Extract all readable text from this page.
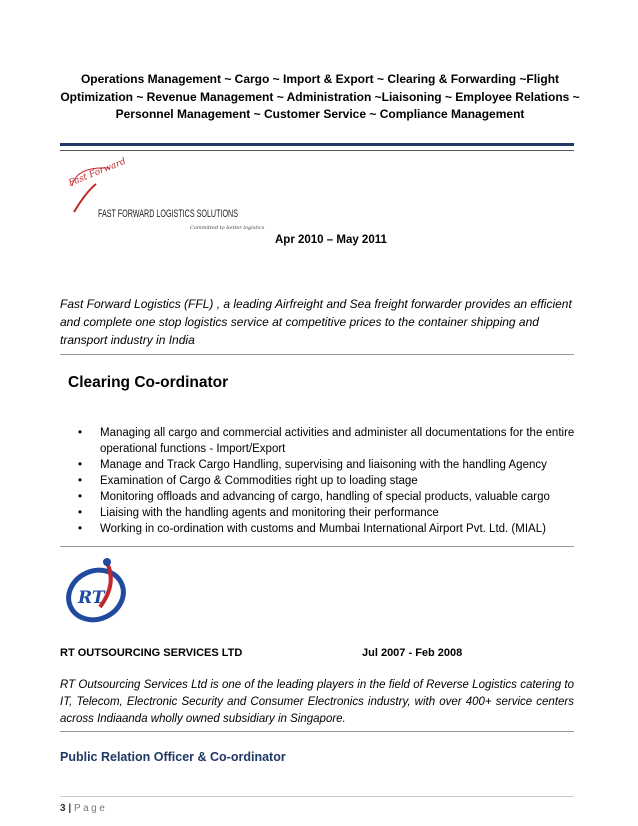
Operations Management ~ Cargo ~ Import & Export ~ Clearing & Forwarding ~Flight Optimization ~ Revenue Management ~ Administration ~Liaisoning ~ Employee Relations ~ Personnel Management ~ Customer Service ~ Compliance Management
Fast Forward
FAST FORWARD LOGISTICS SOLUTIONS
Committed to better logistics
Apr 2010 – May 2011
Fast Forward Logistics (FFL) , a leading Airfreight and Sea freight forwarder provides an efficient and complete one stop logistics service at competitive prices to the container shipping and transport industry in India
Clearing Co-ordinator
• Managing all cargo and commercial activities and administer all documentations for the entire operational functions - Import/Export
• Manage and Track Cargo Handling, supervising and liaisoning with the handling Agency
• Examination of Cargo & Commodities right up to loading stage
• Monitoring offloads and advancing of cargo, handling of special products, valuable cargo
• Liaising with the handling agents and monitoring their performance
• Working in co-ordination with customs and Mumbai International Airport Pvt. Ltd. (MIAL)
RT
RT OUTSOURCING SERVICES LTD	Jul 2007 - Feb 2008
RT Outsourcing Services Ltd is one of the leading players in the field of Reverse Logistics catering to IT, Telecom, Electronic Security and Consumer Electronics industry, with over 400+ service centers across Indiaanda wholly owned subsidiary in Singapore.
Public Relation Officer & Co-ordinator
3 | Page
